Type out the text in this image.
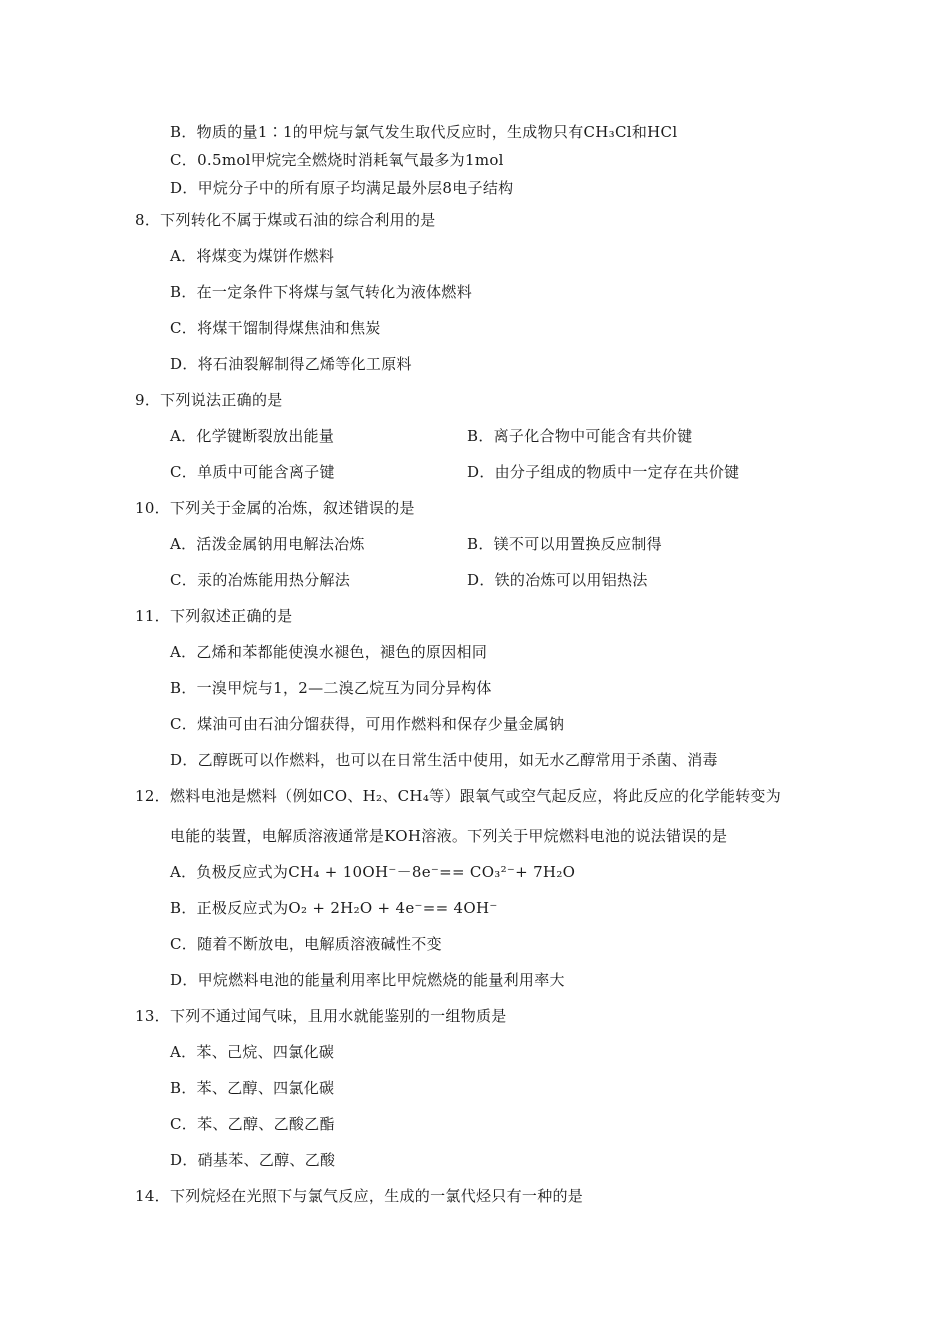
B．物质的量1∶1的甲烷与氯气发生取代反应时，生成物只有CH₃Cl和HCl
C．0.5mol甲烷完全燃烧时消耗氧气最多为1mol
D．甲烷分子中的所有原子均满足最外层8电子结构
8．下列转化不属于煤或石油的综合利用的是
A．将煤变为煤饼作燃料
B．在一定条件下将煤与氢气转化为液体燃料
C．将煤干馏制得煤焦油和焦炭
D．将石油裂解制得乙烯等化工原料
9．下列说法正确的是
A．化学键断裂放出能量	B．离子化合物中可能含有共价键
C．单质中可能含离子键	D．由分子组成的物质中一定存在共价键
10．下列关于金属的冶炼，叙述错误的是
A．活泼金属钠用电解法冶炼	B．镁不可以用置换反应制得
C．汞的冶炼能用热分解法	D．铁的冶炼可以用铝热法
11．下列叙述正确的是
A．乙烯和苯都能使溴水褪色，褪色的原因相同
B．一溴甲烷与1，2—二溴乙烷互为同分异构体
C．煤油可由石油分馏获得，可用作燃料和保存少量金属钠
D．乙醇既可以作燃料，也可以在日常生活中使用，如无水乙醇常用于杀菌、消毒
12．燃料电池是燃料（例如CO、H₂、CH₄等）跟氧气或空气起反应，将此反应的化学能转变为
电能的装置，电解质溶液通常是KOH溶液。下列关于甲烷燃料电池的说法错误的是
A．负极反应式为CH₄ + 10OH⁻－8e⁻== CO₃²⁻+ 7H₂O
B．正极反应式为O₂ + 2H₂O + 4e⁻== 4OH⁻
C．随着不断放电，电解质溶液碱性不变
D．甲烷燃料电池的能量利用率比甲烷燃烧的能量利用率大
13．下列不通过闻气味，且用水就能鉴别的一组物质是
A．苯、己烷、四氯化碳
B．苯、乙醇、四氯化碳
C．苯、乙醇、乙酸乙酯
D．硝基苯、乙醇、乙酸
14．下列烷烃在光照下与氯气反应，生成的一氯代烃只有一种的是
